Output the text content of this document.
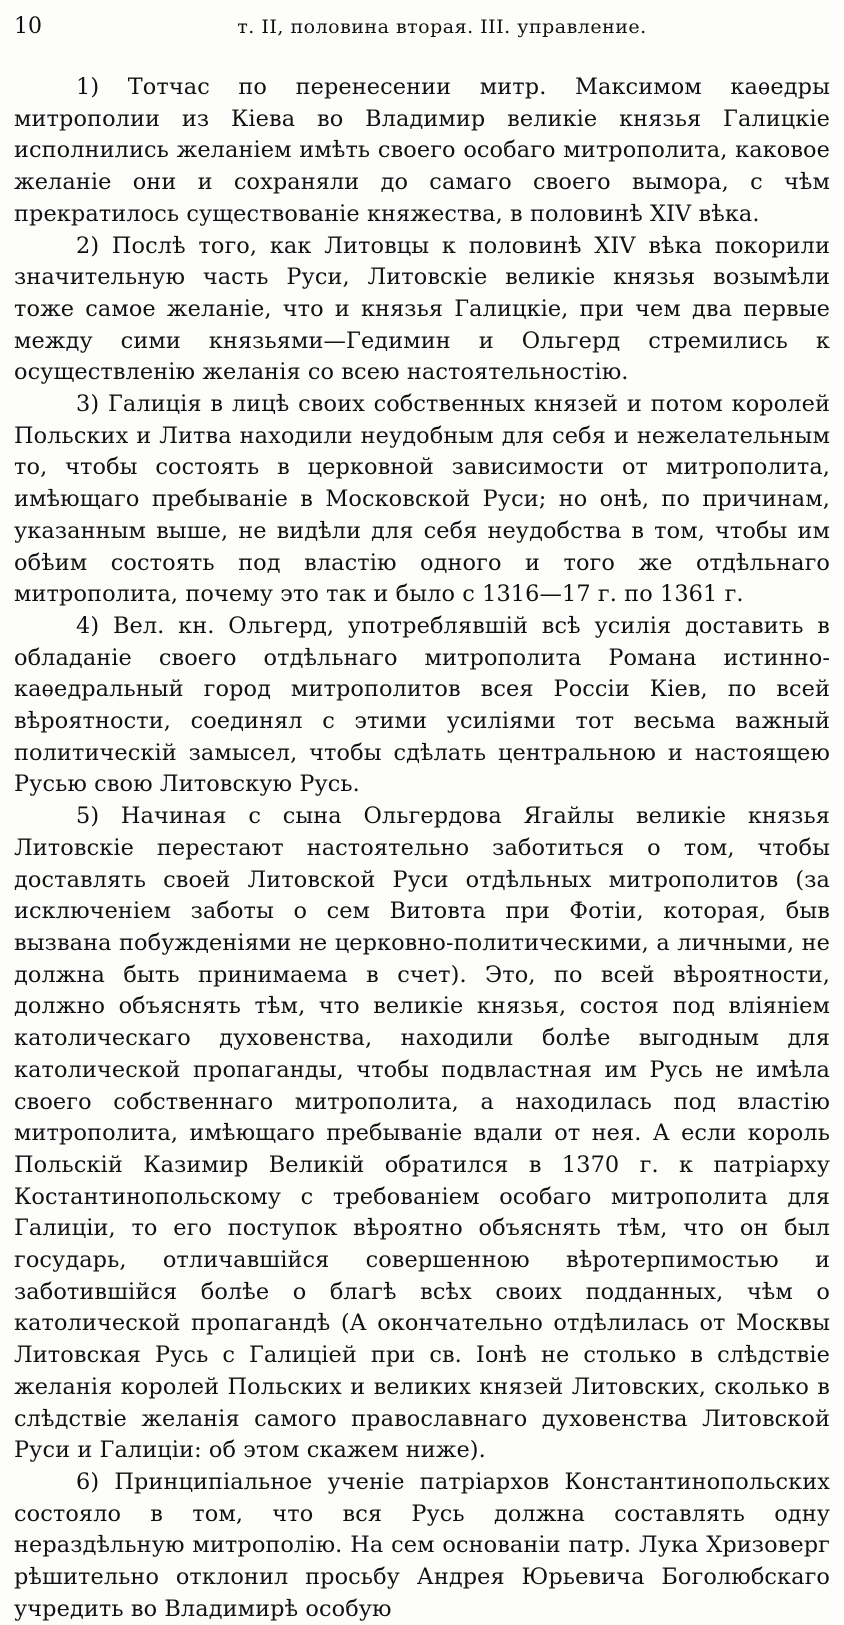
10	т. II, половина вторая. III. управление.

1) Тотчас по перенесении митр. Максимом каѳедры митрополии из Кіева во Владимир великіе князья Галицкіе исполнились желаніем имѣть своего особаго митрополита, каковое желаніе они и сохраняли до самаго своего вымора, с чѣм прекратилось существованіе княжества, в половинѣ XIV вѣка.

2) Послѣ того, как Литовцы к половинѣ XIV вѣка покорили значительную часть Руси, Литовскіе великіе князья возымѣли тоже самое желаніе, что и князья Галицкіе, при чем два первые между сими князьями—Гедимин и Ольгерд стремились к осуществленію желанія со всею настоятельностію.

3) Галиція в лицѣ своих собственных князей и потом королей Польских и Литва находили неудобным для себя и нежелательным то, чтобы состоять в церковной зависимости от митрополита, имѣющаго пребываніе в Московской Руси; но онѣ, по причинам, указанным выше, не видѣли для себя неудобства в том, чтобы им обѣим состоять под властію одного и того же отдѣльнаго митрополита, почему это так и было с 1316—17 г. по 1361 г.

4) Вел. кн. Ольгерд, употреблявшій всѣ усилія доставить в обладаніе своего отдѣльнаго митрополита Романа истинно-каѳедральный город митрополитов всея Россіи Кіев, по всей вѣроятности, соединял с этими усиліями тот весьма важный политическій замысел, чтобы сдѣлать центральною и настоящею Русью свою Литовскую Русь.

5) Начиная с сына Ольгердова Ягайлы великіе князья Литовскіе перестают настоятельно заботиться о том, чтобы доставлять своей Литовской Руси отдѣльных митрополитов (за исключеніем заботы о сем Витовта при Фотіи, которая, быв вызвана побужденіями не церковно-политическими, а личными, не должна быть принимаема в счет). Это, по всей вѣроятности, должно объяснять тѣм, что великіе князья, состоя под вліяніем католическаго духовенства, находили болѣе выгодным для католической пропаганды, чтобы подвластная им Русь не имѣла своего собственнаго митрополита, а находилась под властію митрополита, имѣющаго пребываніе вдали от нея. А если король Польскій Казимир Великій обратился в 1370 г. к патріарху Костантинопольскому с требованіем особаго митрополита для Галиціи, то его поступок вѣроятно объяснять тѣм, что он был государь, отличавшійся совершенною вѣротерпимостью и заботившійся болѣе о благѣ всѣх своих подданных, чѣм о католической пропагандѣ (А окончательно отдѣлилась от Москвы Литовская Русь с Галиціей при св. Іонѣ не столько в слѣдствіе желанія королей Польских и великих князей Литовских, сколько в слѣдствіе желанія самого православнаго духовенства Литовской Руси и Галиціи: об этом скажем ниже).

6) Принципіальное ученіе патріархов Константинопольских состояло в том, что вся Русь должна составлять одну нераздѣльную митрополію. На сем основаніи патр. Лука Хризоверг рѣшительно отклонил просьбу Андрея Юрьевича Боголюбскаго учредить во Владимирѣ особую
